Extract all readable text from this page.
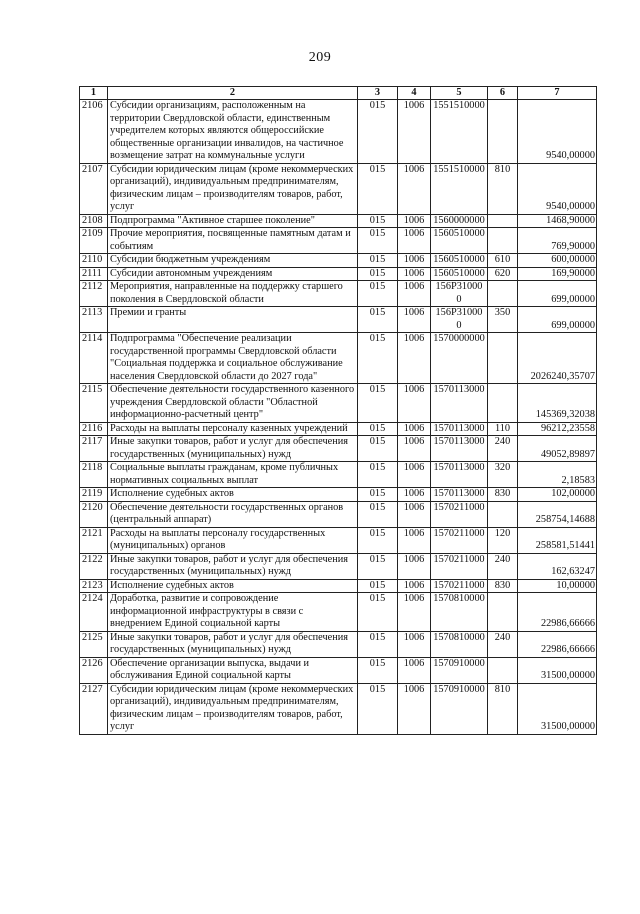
209
1	2	3	4	5	6	7
2106	Субсидии организациям, расположенным на территории Свердловской области, единственным учредителем которых являются общероссийские общественные организации инвалидов, на частичное возмещение затрат на коммунальные услуги	015	1006	1551510000		9540,00000
2107	Субсидии юридическим лицам (кроме некоммерческих организаций), индивидуальным предпринимателям, физическим лицам – производителям товаров, работ, услуг	015	1006	1551510000	810	9540,00000
2108	Подпрограмма "Активное старшее поколение"	015	1006	1560000000		1468,90000
2109	Прочие мероприятия, посвященные памятным датам и событиям	015	1006	1560510000		769,90000
2110	Субсидии бюджетным учреждениям	015	1006	1560510000	610	600,00000
2111	Субсидии автономным учреждениям	015	1006	1560510000	620	169,90000
2112	Мероприятия, направленные на поддержку старшего поколения в Свердловской области	015	1006	156P310000		699,00000
2113	Премии и гранты	015	1006	156P310000	350	699,00000
2114	Подпрограмма "Обеспечение реализации государственной программы Свердловской области "Социальная поддержка и социальное обслуживание населения Свердловской области до 2027 года"	015	1006	1570000000		2026240,35707
2115	Обеспечение деятельности государственного казенного учреждения Свердловской области "Областной информационно-расчетный центр"	015	1006	1570113000		145369,32038
2116	Расходы на выплаты персоналу казенных учреждений	015	1006	1570113000	110	96212,23558
2117	Иные закупки товаров, работ и услуг для обеспечения государственных (муниципальных) нужд	015	1006	1570113000	240	49052,89897
2118	Социальные выплаты гражданам, кроме публичных нормативных социальных выплат	015	1006	1570113000	320	2,18583
2119	Исполнение судебных актов	015	1006	1570113000	830	102,00000
2120	Обеспечение деятельности государственных органов (центральный аппарат)	015	1006	1570211000		258754,14688
2121	Расходы на выплаты персоналу государственных (муниципальных) органов	015	1006	1570211000	120	258581,51441
2122	Иные закупки товаров, работ и услуг для обеспечения государственных (муниципальных) нужд	015	1006	1570211000	240	162,63247
2123	Исполнение судебных актов	015	1006	1570211000	830	10,00000
2124	Доработка, развитие и сопровождение информационной инфраструктуры в связи с внедрением Единой социальной карты	015	1006	1570810000		22986,66666
2125	Иные закупки товаров, работ и услуг для обеспечения государственных (муниципальных) нужд	015	1006	1570810000	240	22986,66666
2126	Обеспечение организации выпуска, выдачи и обслуживания Единой социальной карты	015	1006	1570910000		31500,00000
2127	Субсидии юридическим лицам (кроме некоммерческих организаций), индивидуальным предпринимателям, физическим лицам – производителям товаров, работ, услуг	015	1006	1570910000	810	31500,00000
